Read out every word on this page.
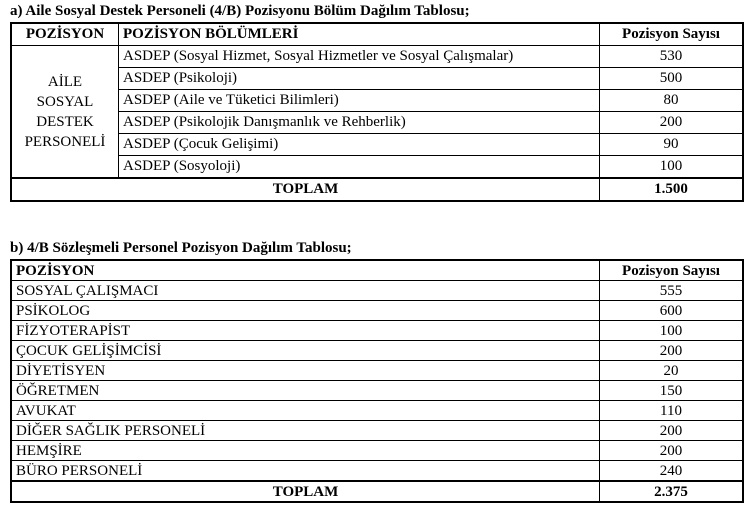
a) Aile Sosyal Destek Personeli (4/B) Pozisyonu Bölüm Dağılım Tablosu;
POZİSYON	POZİSYON BÖLÜMLERİ	Pozisyon Sayısı

AİLE
SOSYAL
DESTEK
PERSONELİ	ASDEP (Sosyal Hizmet, Sosyal Hizmetler ve Sosyal Çalışmalar)	530
	ASDEP (Psikoloji)	500
	ASDEP (Aile ve Tüketici Bilimleri)	80
	ASDEP (Psikolojik Danışmanlık ve Rehberlik)	200
	ASDEP (Çocuk Gelişimi)	90
	ASDEP (Sosyoloji)	100
TOPLAM		1.500
b) 4/B Sözleşmeli Personel Pozisyon Dağılım Tablosu;
POZİSYON	Pozisyon Sayısı
SOSYAL ÇALIŞMACI	555
PSİKOLOG	600
FİZYOTERAPİST	100
ÇOCUK GELİŞİMCİSİ	200
DİYETİSYEN	20
ÖĞRETMEN	150
AVUKAT	110
DİĞER SAĞLIK PERSONELİ	200
HEMŞİRE	200
BÜRO PERSONELİ	240
TOPLAM	2.375
